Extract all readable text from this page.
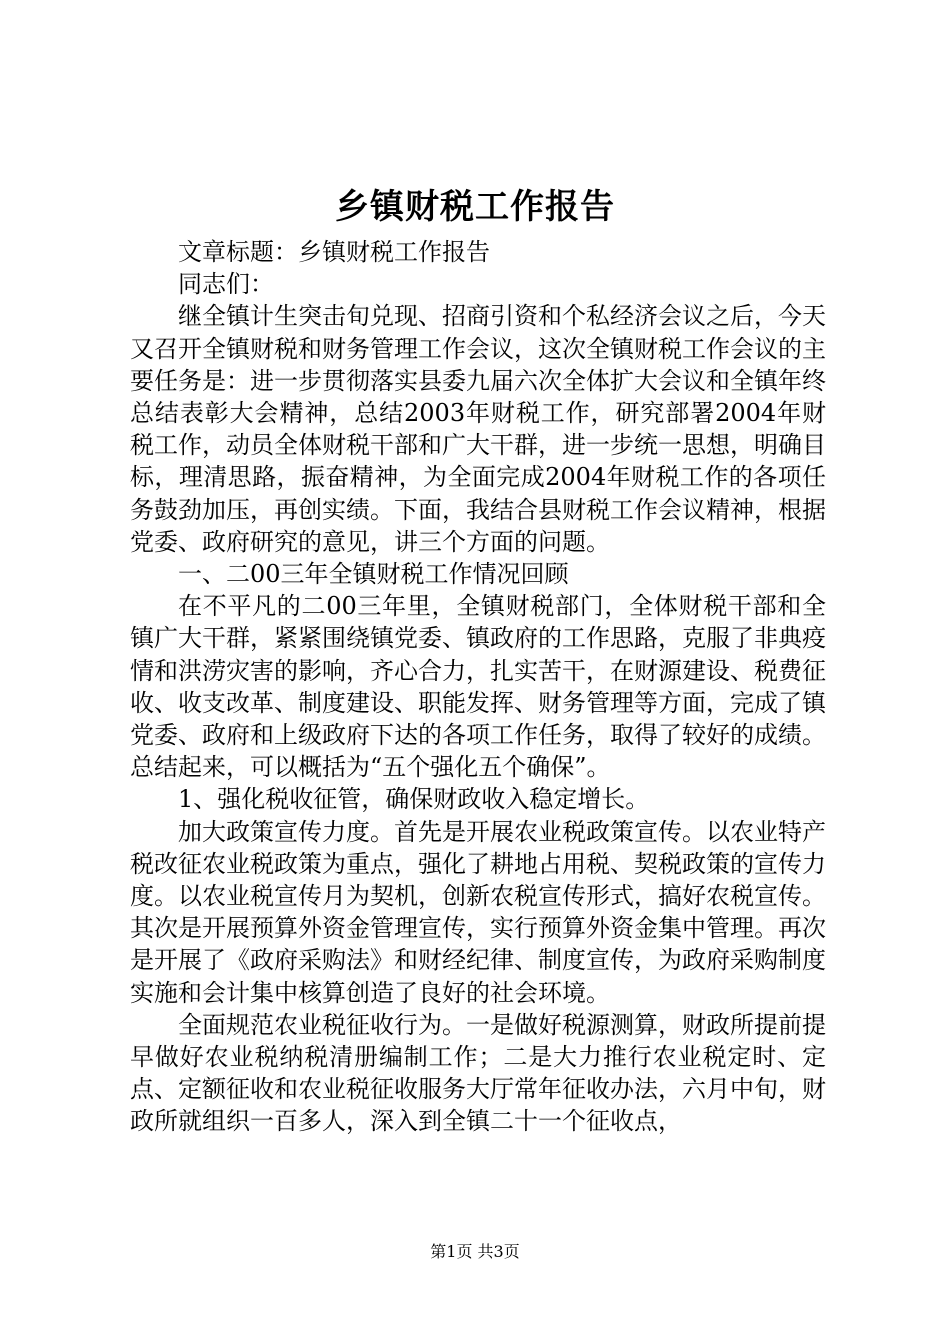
乡镇财税工作报告

文章标题：乡镇财税工作报告

同志们：

继全镇计生突击旬兑现、招商引资和个私经济会议之后，今天又召开全镇财税和财务管理工作会议，这次全镇财税工作会议的主要任务是：进一步贯彻落实县委九届六次全体扩大会议和全镇年终总结表彰大会精神，总结2003年财税工作，研究部署2004年财税工作，动员全体财税干部和广大干群，进一步统一思想，明确目标，理清思路，振奋精神，为全面完成2004年财税工作的各项任务鼓劲加压，再创实绩。下面，我结合县财税工作会议精神，根据党委、政府研究的意见，讲三个方面的问题。

一、二00三年全镇财税工作情况回顾

在不平凡的二00三年里，全镇财税部门，全体财税干部和全镇广大干群，紧紧围绕镇党委、镇政府的工作思路，克服了非典疫情和洪涝灾害的影响，齐心合力，扎实苦干，在财源建设、税费征收、收支改革、制度建设、职能发挥、财务管理等方面，完成了镇党委、政府和上级政府下达的各项工作任务，取得了较好的成绩。总结起来，可以概括为“五个强化五个确保”。

1、强化税收征管，确保财政收入稳定增长。

加大政策宣传力度。首先是开展农业税政策宣传。以农业特产税改征农业税政策为重点，强化了耕地占用税、契税政策的宣传力度。以农业税宣传月为契机，创新农税宣传形式，搞好农税宣传。其次是开展预算外资金管理宣传，实行预算外资金集中管理。再次是开展了《政府采购法》和财经纪律、制度宣传，为政府采购制度实施和会计集中核算创造了良好的社会环境。

全面规范农业税征收行为。一是做好税源测算，财政所提前提早做好农业税纳税清册编制工作；二是大力推行农业税定时、定点、定额征收和农业税征收服务大厅常年征收办法，六月中旬，财政所就组织一百多人，深入到全镇二十一个征收点，

第1页 共3页
